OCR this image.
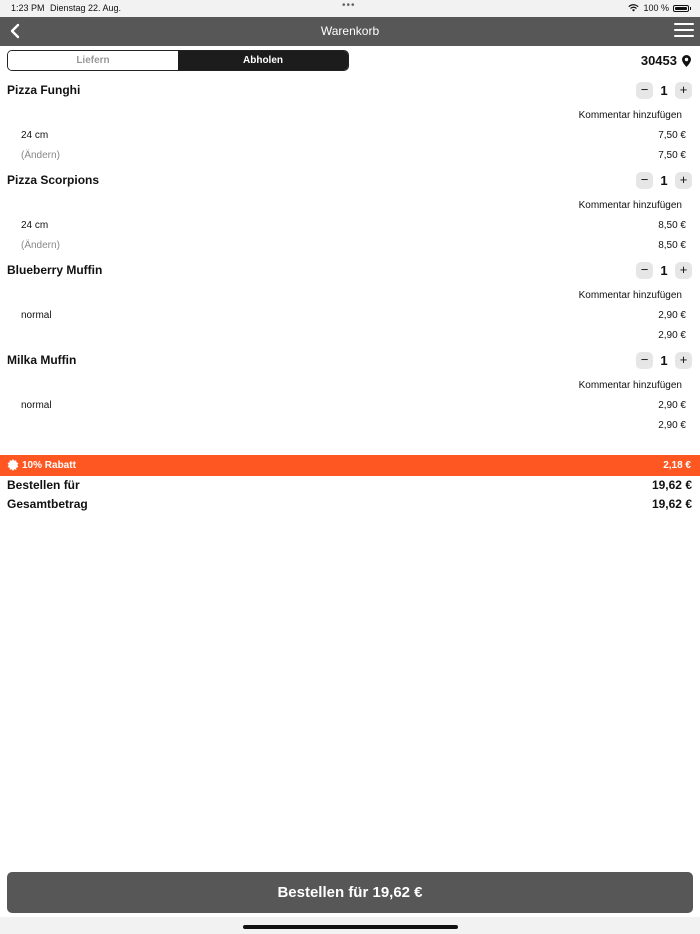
1:23 PM Dienstag 22. Aug.	•••	100 %
Warenkorb
Liefern	Abholen	30453
Pizza Funghi	− 1 +
Kommentar hinzufügen
24 cm	7,50 €
(Ändern)	7,50 €
Pizza Scorpions	− 1 +
Kommentar hinzufügen
24 cm	8,50 €
(Ändern)	8,50 €
Blueberry Muffin	− 1 +
Kommentar hinzufügen
normal	2,90 €
2,90 €
Milka Muffin	− 1 +
Kommentar hinzufügen
normal	2,90 €
2,90 €
10% Rabatt	2,18 €
Bestellen für	19,62 €
Gesamtbetrag	19,62 €
Bestellen für 19,62 €
